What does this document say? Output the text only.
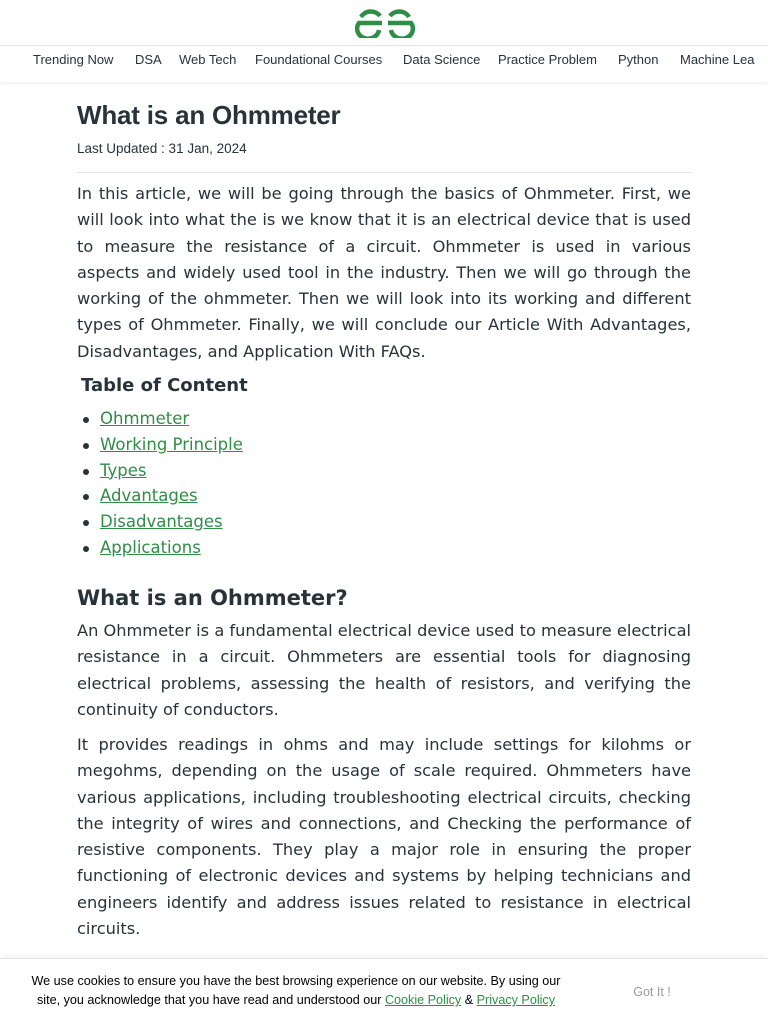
Trending Now DSA Web Tech Foundational Courses Data Science Practice Problem Python Machine Lea
What is an Ohmmeter
Last Updated : 31 Jan, 2024

In this article, we will be going through the basics of Ohmmeter. First, we will look into what the is we know that it is an electrical device that is used to measure the resistance of a circuit. Ohmmeter is used in various aspects and widely used tool in the industry. Then we will go through the working of the ohmmeter. Then we will look into its working and different types of Ohmmeter. Finally, we will conclude our Article With Advantages, Disadvantages, and Application With FAQs.

Table of Content
Ohmmeter
Working Principle
Types
Advantages
Disadvantages
Applications
What is an Ohmmeter?

An Ohmmeter is a fundamental electrical device used to measure electrical resistance in a circuit. Ohmmeters are essential tools for diagnosing electrical problems, assessing the health of resistors, and verifying the continuity of conductors.

It provides readings in ohms and may include settings for kilohms or megohms, depending on the usage of scale required. Ohmmeters have various applications, including troubleshooting electrical circuits, checking the integrity of wires and connections, and Checking the performance of resistive components. They play a major role in ensuring the proper functioning of electronic devices and systems by helping technicians and engineers identify and address issues related to resistance in electrical circuits.

We use cookies to ensure you have the best browsing experience on our website. By using our site, you acknowledge that you have read and understood our Cookie Policy & Privacy Policy
Got It !
